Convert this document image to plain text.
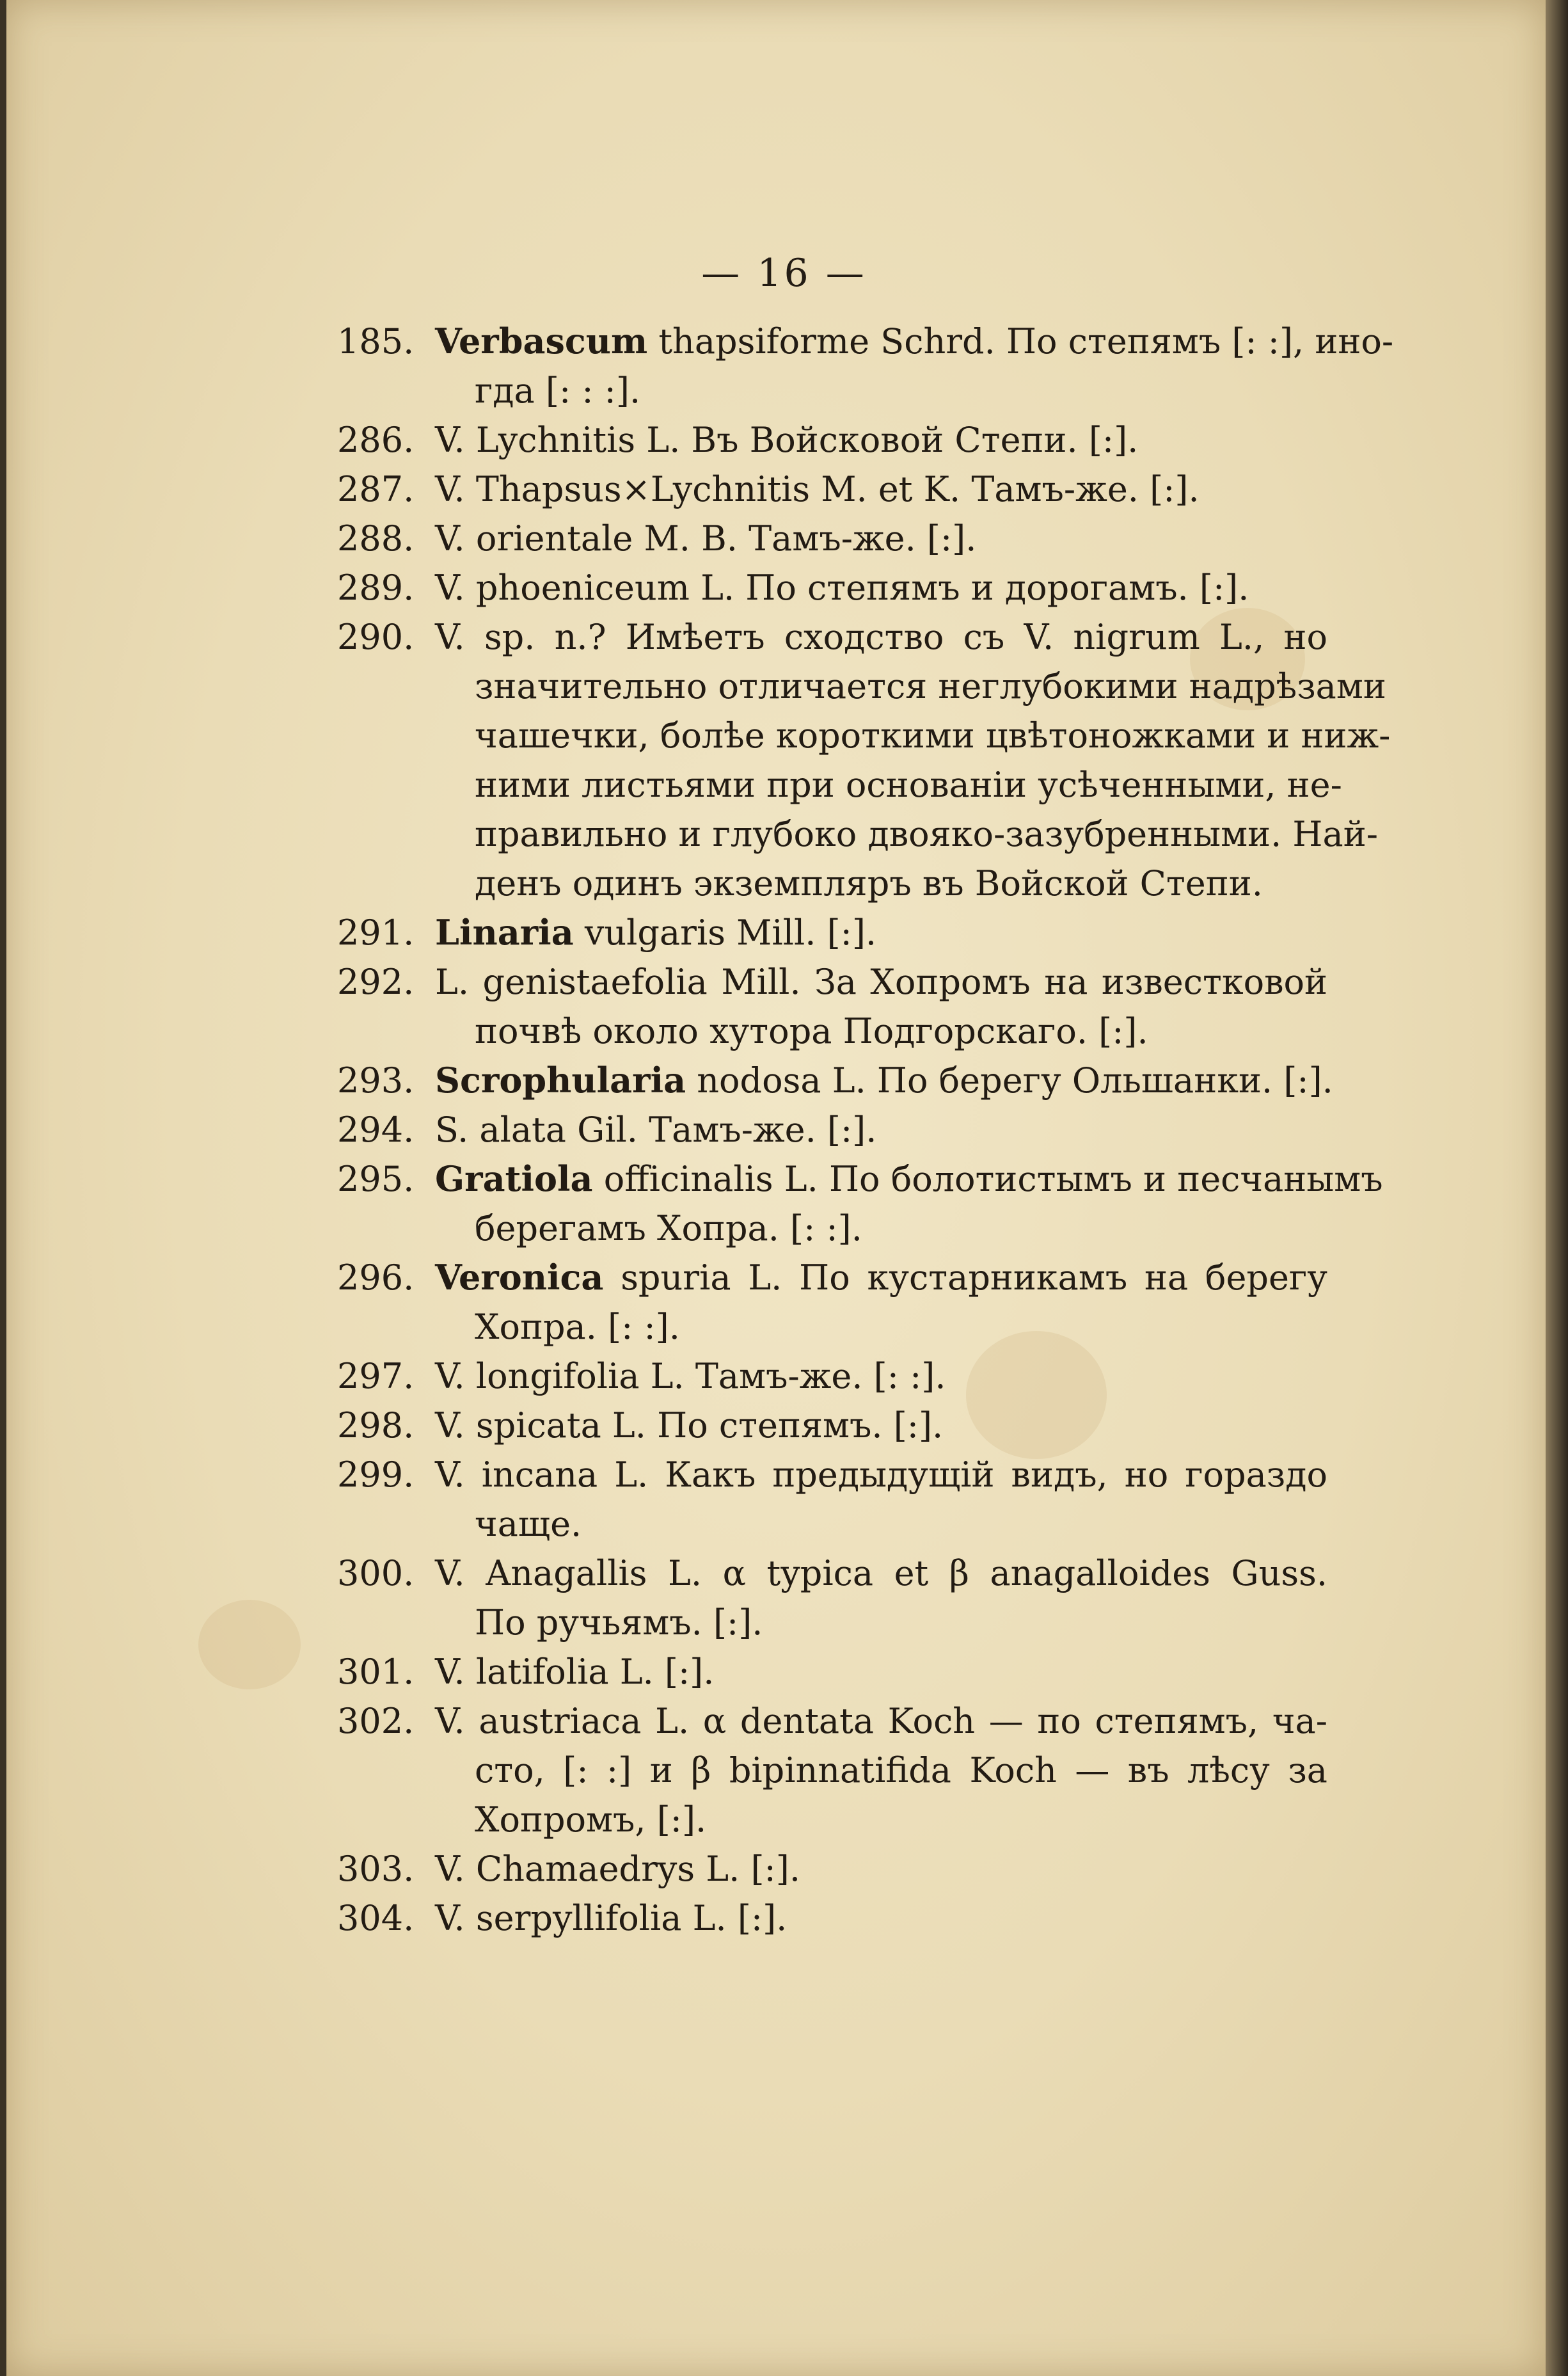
— 16 —
185. Verbascum thapsiforme Schrd. По степямъ [: :], ино-
гда [: : :].
286. V. Lychnitis L. Въ Войсковой Степи. [:].
287. V. Thapsus×Lychnitis M. et K. Тамъ-же. [:].
288. V. orientale M. B. Тамъ-же. [:].
289. V. phoeniceum L. По степямъ и дорогамъ. [:].
290. V. sp. n.? Имѣетъ сходство съ V. nigrum L., но
значительно отличается неглубокими надрѣзами
чашечки, болѣе короткими цвѣтоножками и ниж-
ними листьями при основаніи усѣченными, не-
правильно и глубоко двояко-зазубренными. Най-
денъ одинъ экземпляръ въ Войской Степи.
291. Linaria vulgaris Mill. [:].
292. L. genistaefolia Mill. За Хопромъ на известковой
почвѣ около хутора Подгорскаго. [:].
293. Scrophularia nodosa L. По берегу Ольшанки. [:].
294. S. alata Gil. Тамъ-же. [:].
295. Gratiola officinalis L. По болотистымъ и песчанымъ
берегамъ Хопра. [: :].
296. Veronica spuria L. По кустарникамъ на берегу
Хопра. [: :].
297. V. longifolia L. Тамъ-же. [: :].
298. V. spicata L. По степямъ. [:].
299. V. incana L. Какъ предыдущій видъ, но гораздо
чаще.
300. V. Anagallis L. α typica et β anagalloides Guss.
По ручьямъ. [:].
301. V. latifolia L. [:].
302. V. austriaca L. α dentata Koch — по степямъ, ча-
сто, [: :] и β bipinnatifida Koch — въ лѣсу за
Хопромъ, [:].
303. V. Chamaedrys L. [:].
304. V. serpyllifolia L. [:].
